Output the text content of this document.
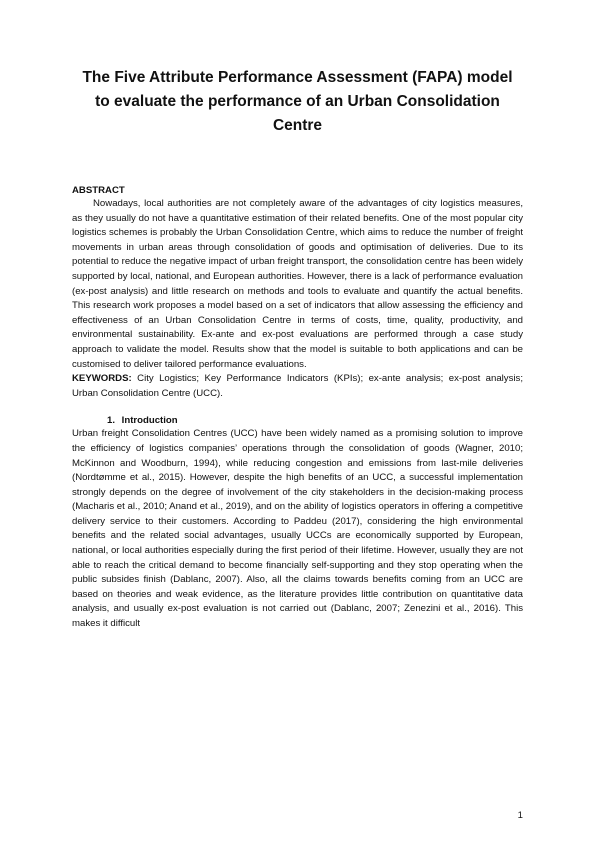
The Five Attribute Performance Assessment (FAPA) model to evaluate the performance of an Urban Consolidation Centre
ABSTRACT

Nowadays, local authorities are not completely aware of the advantages of city logistics measures, as they usually do not have a quantitative estimation of their related benefits. One of the most popular city logistics schemes is probably the Urban Consolidation Centre, which aims to reduce the number of freight movements in urban areas through consolidation of goods and optimisation of deliveries. Due to its potential to reduce the negative impact of urban freight transport, the consolidation centre has been widely supported by local, national, and European authorities. However, there is a lack of performance evaluation (ex-post analysis) and little research on methods and tools to evaluate and quantify the actual benefits. This research work proposes a model based on a set of indicators that allow assessing the efficiency and effectiveness of an Urban Consolidation Centre in terms of costs, time, quality, productivity, and environmental sustainability. Ex-ante and ex-post evaluations are performed through a case study approach to validate the model. Results show that the model is suitable to both applications and can be customised to deliver tailored performance evaluations.

KEYWORDS: City Logistics; Key Performance Indicators (KPIs); ex-ante analysis; ex-post analysis; Urban Consolidation Centre (UCC).

1. Introduction

Urban freight Consolidation Centres (UCC) have been widely named as a promising solution to improve the efficiency of logistics companies’ operations through the consolidation of goods (Wagner, 2010; McKinnon and Woodburn, 1994), while reducing congestion and emissions from last-mile deliveries (Nordtømme et al., 2015). However, despite the high benefits of an UCC, a successful implementation strongly depends on the degree of involvement of the city stakeholders in the decision-making process (Macharis et al., 2010; Anand et al., 2019), and on the ability of logistics operators in offering a competitive delivery service to their customers. According to Paddeu (2017), considering the high environmental benefits and the related social advantages, usually UCCs are economically supported by European, national, or local authorities especially during the first period of their lifetime. However, usually they are not able to reach the critical demand to become financially self-supporting and they stop operating when the public subsides finish (Dablanc, 2007). Also, all the claims towards benefits coming from an UCC are based on theories and weak evidence, as the literature provides little contribution on quantitative data analysis, and usually ex-post evaluation is not carried out (Dablanc, 2007; Zenezini et al., 2016). This makes it difficult

1
